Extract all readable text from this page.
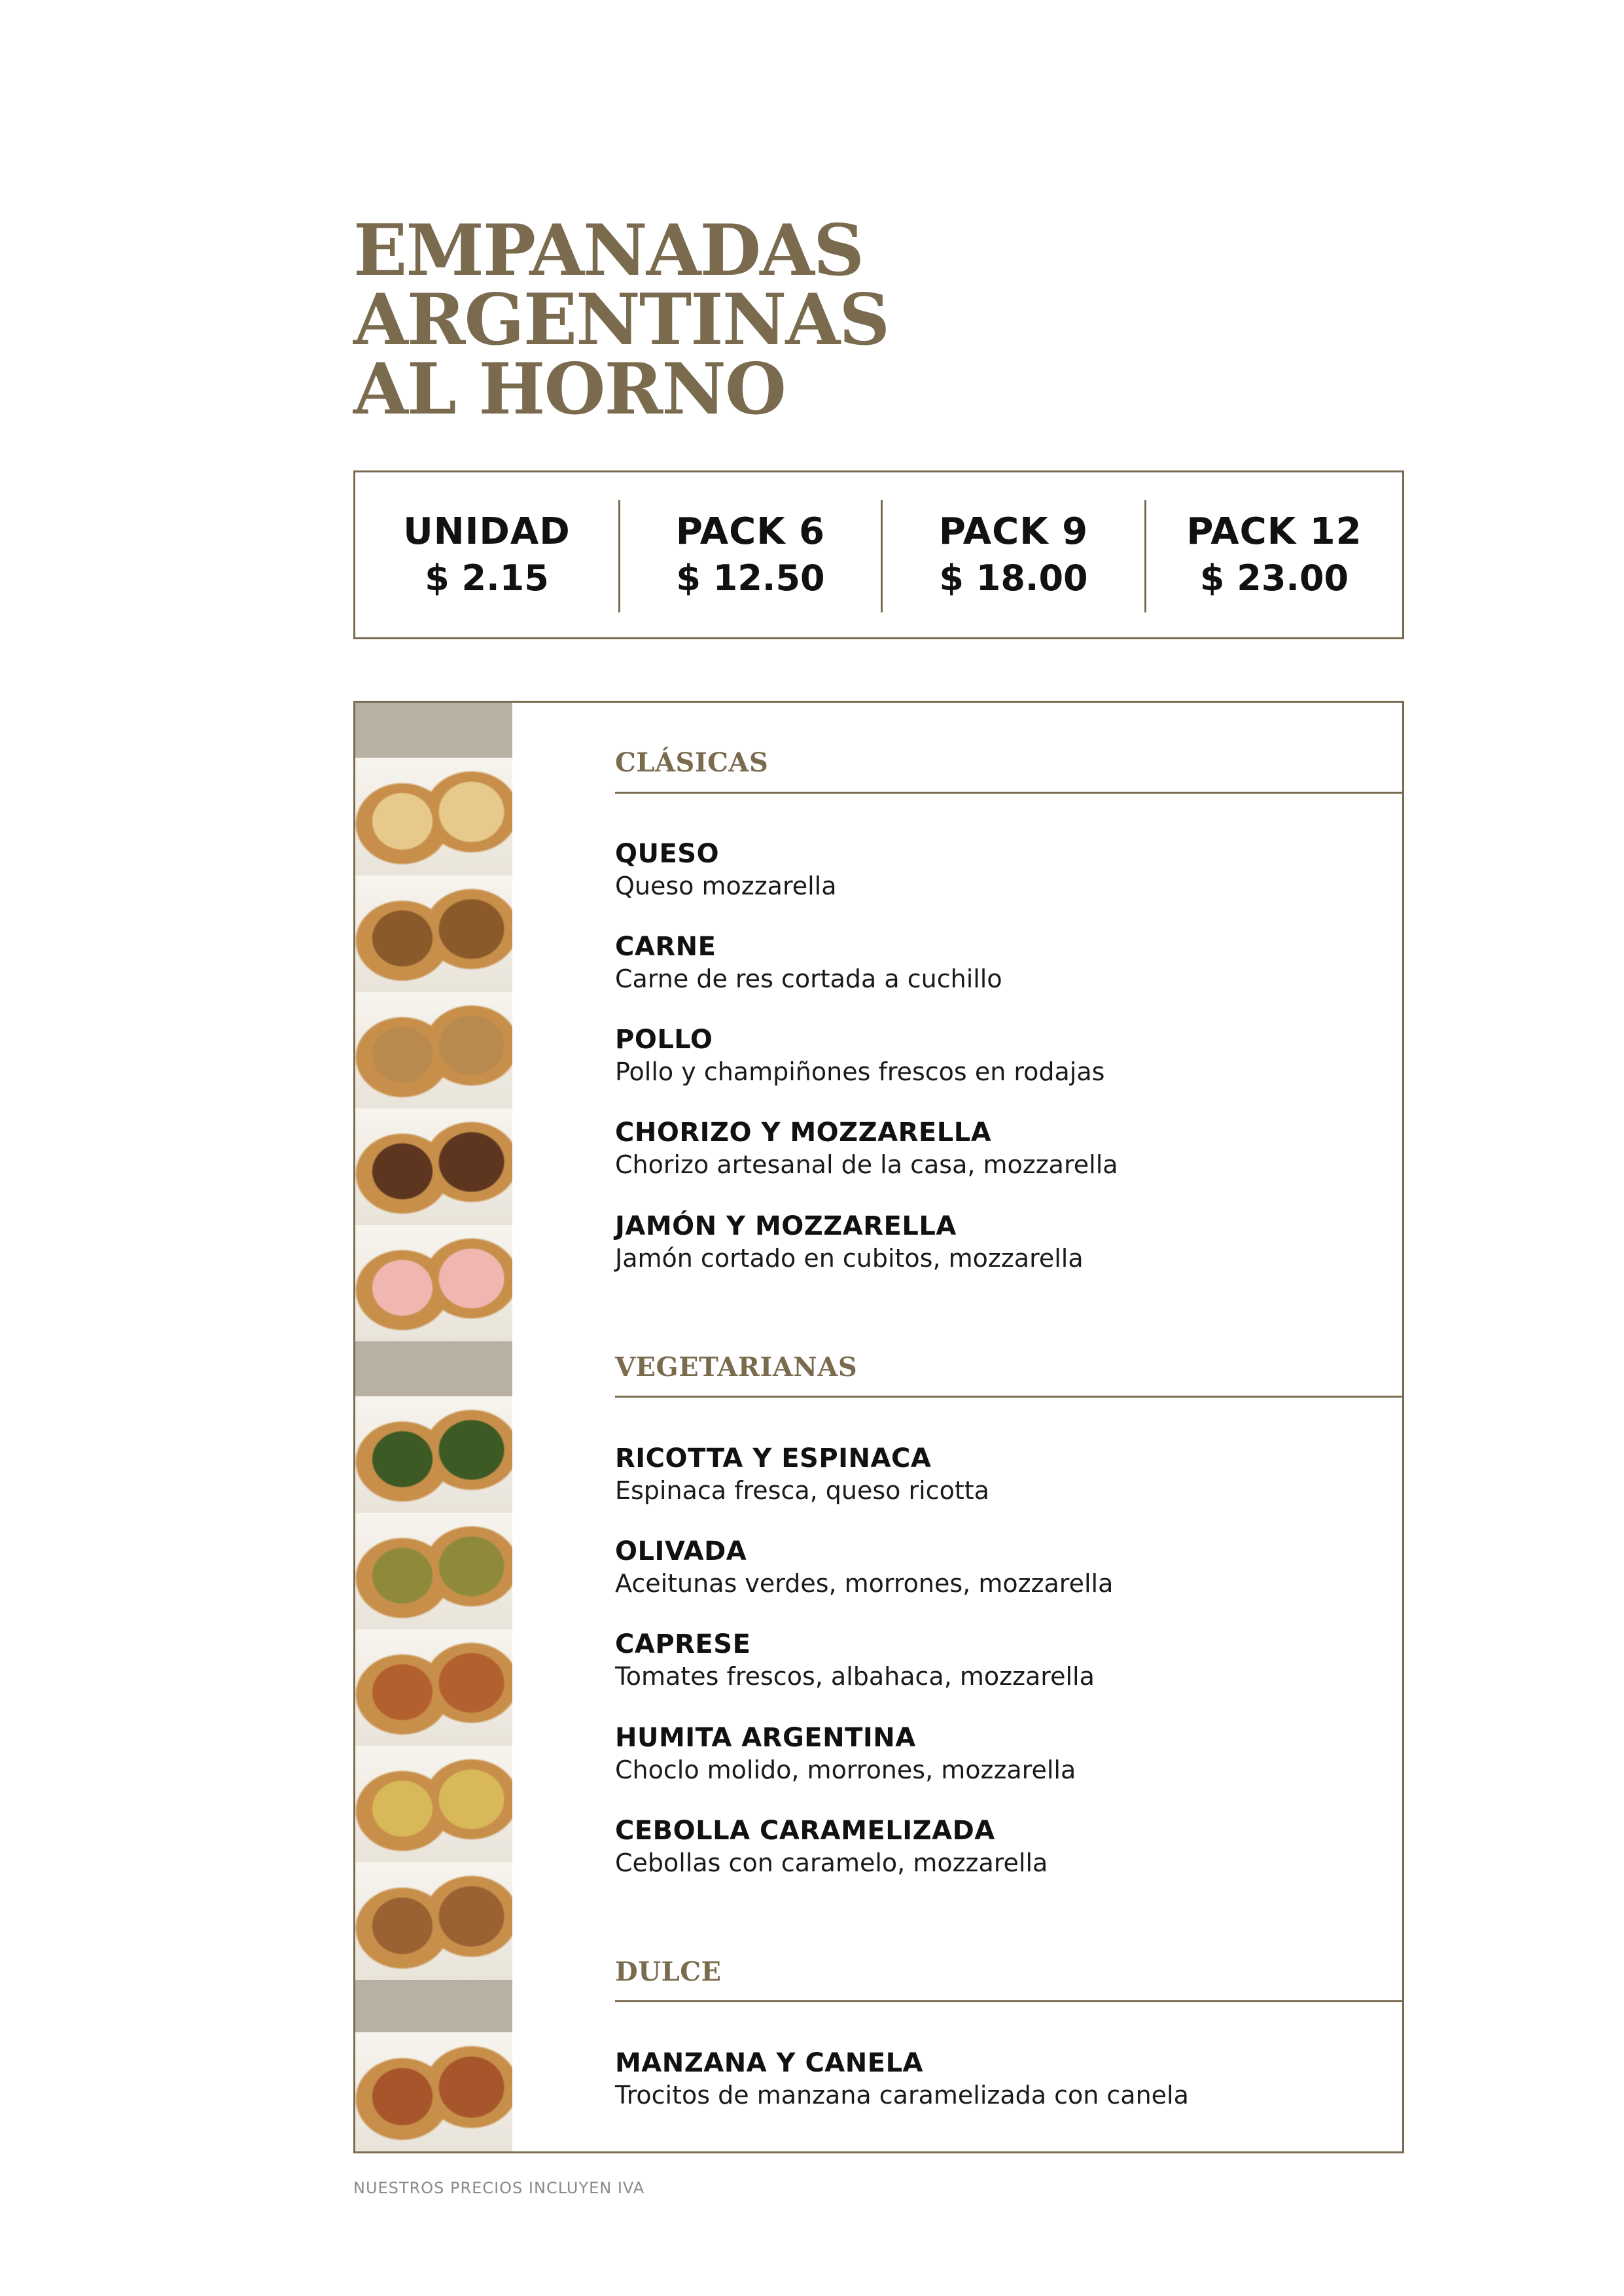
EMPANADAS
ARGENTINAS
AL HORNO
UNIDAD
$ 2.15
PACK 6
$ 12.50
PACK 9
$ 18.00
PACK 12
$ 23.00
CLÁSICAS
QUESO
Queso mozzarella
CARNE
Carne de res cortada a cuchillo
POLLO
Pollo y champiñones frescos en rodajas
CHORIZO Y MOZZARELLA
Chorizo artesanal de la casa, mozzarella
JAMÓN Y MOZZARELLA
Jamón cortado en cubitos, mozzarella
VEGETARIANAS
RICOTTA Y ESPINACA
Espinaca fresca, queso ricotta
OLIVADA
Aceitunas verdes, morrones, mozzarella
CAPRESE
Tomates frescos, albahaca, mozzarella
HUMITA ARGENTINA
Choclo molido, morrones, mozzarella
CEBOLLA CARAMELIZADA
Cebollas con caramelo, mozzarella
DULCE
MANZANA Y CANELA
Trocitos de manzana caramelizada con canela
NUESTROS PRECIOS INCLUYEN IVA
